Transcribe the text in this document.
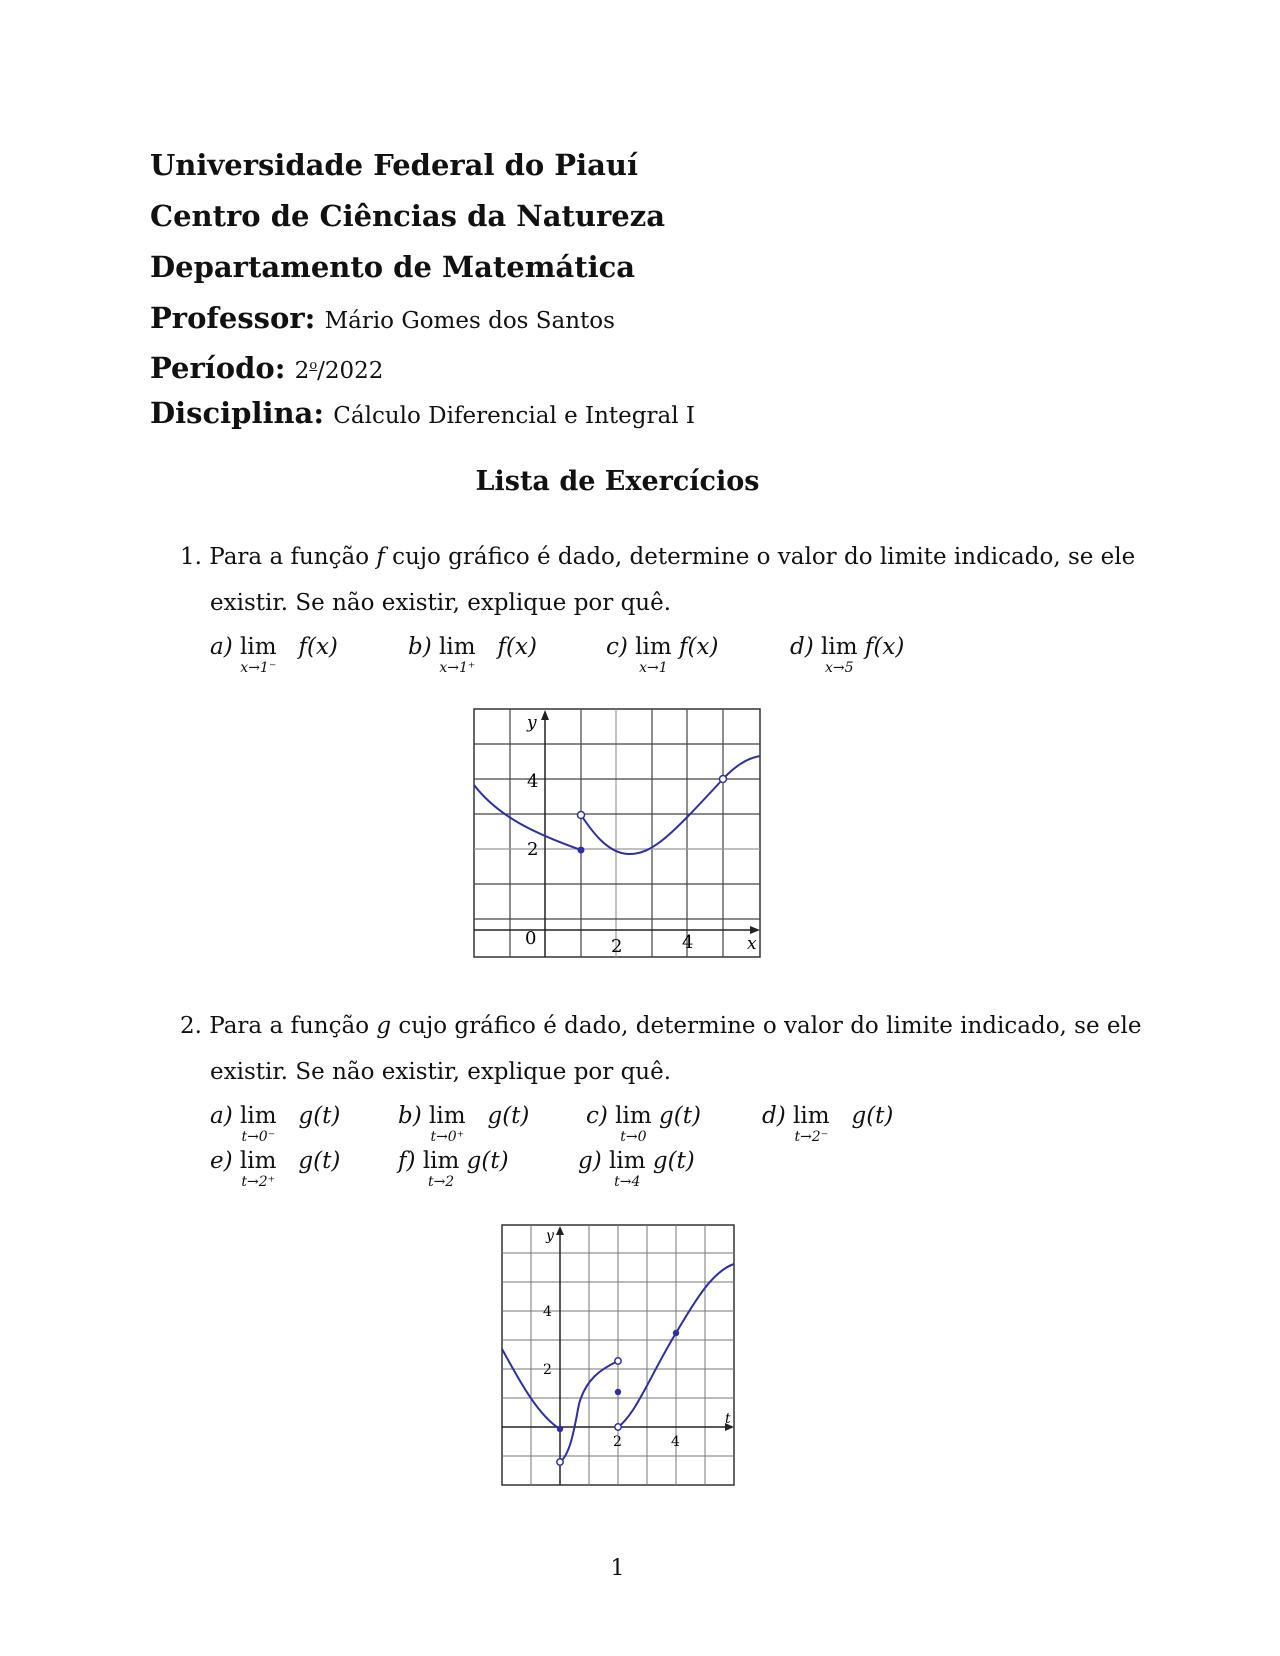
Universidade Federal do Piauí
Centro de Ciências da Natureza
Departamento de Matemática
Professor: Mário Gomes dos Santos
Período: 2$^o$/2022
Disciplina: Cálculo Diferencial e Integral I
Lista de Exercícios
1. Para a função f cujo gráfico é dado, determine o valor do limite indicado, se ele
existir. Se não existir, explique por quê.
a) lim
x→1⁻
f(x)	b) lim
x→1⁺
f(x)	c) lim
x→1
f(x)	d) lim
x→5
f(x)
y
x
0	2	4
2
4
2. Para a função g cujo gráfico é dado, determine o valor do limite indicado, se ele
existir. Se não existir, explique por quê.
a) lim
t→0⁻
g(t)	b) lim
t→0⁺
g(t) c) lim
t→0
g(t)	d) lim
t→2⁻
g(t)
e) lim
t→2⁺
g(t)	f) lim
t→2
g(t)	g) lim
t→4
g(t)
y
t
2	4
2
4
1
